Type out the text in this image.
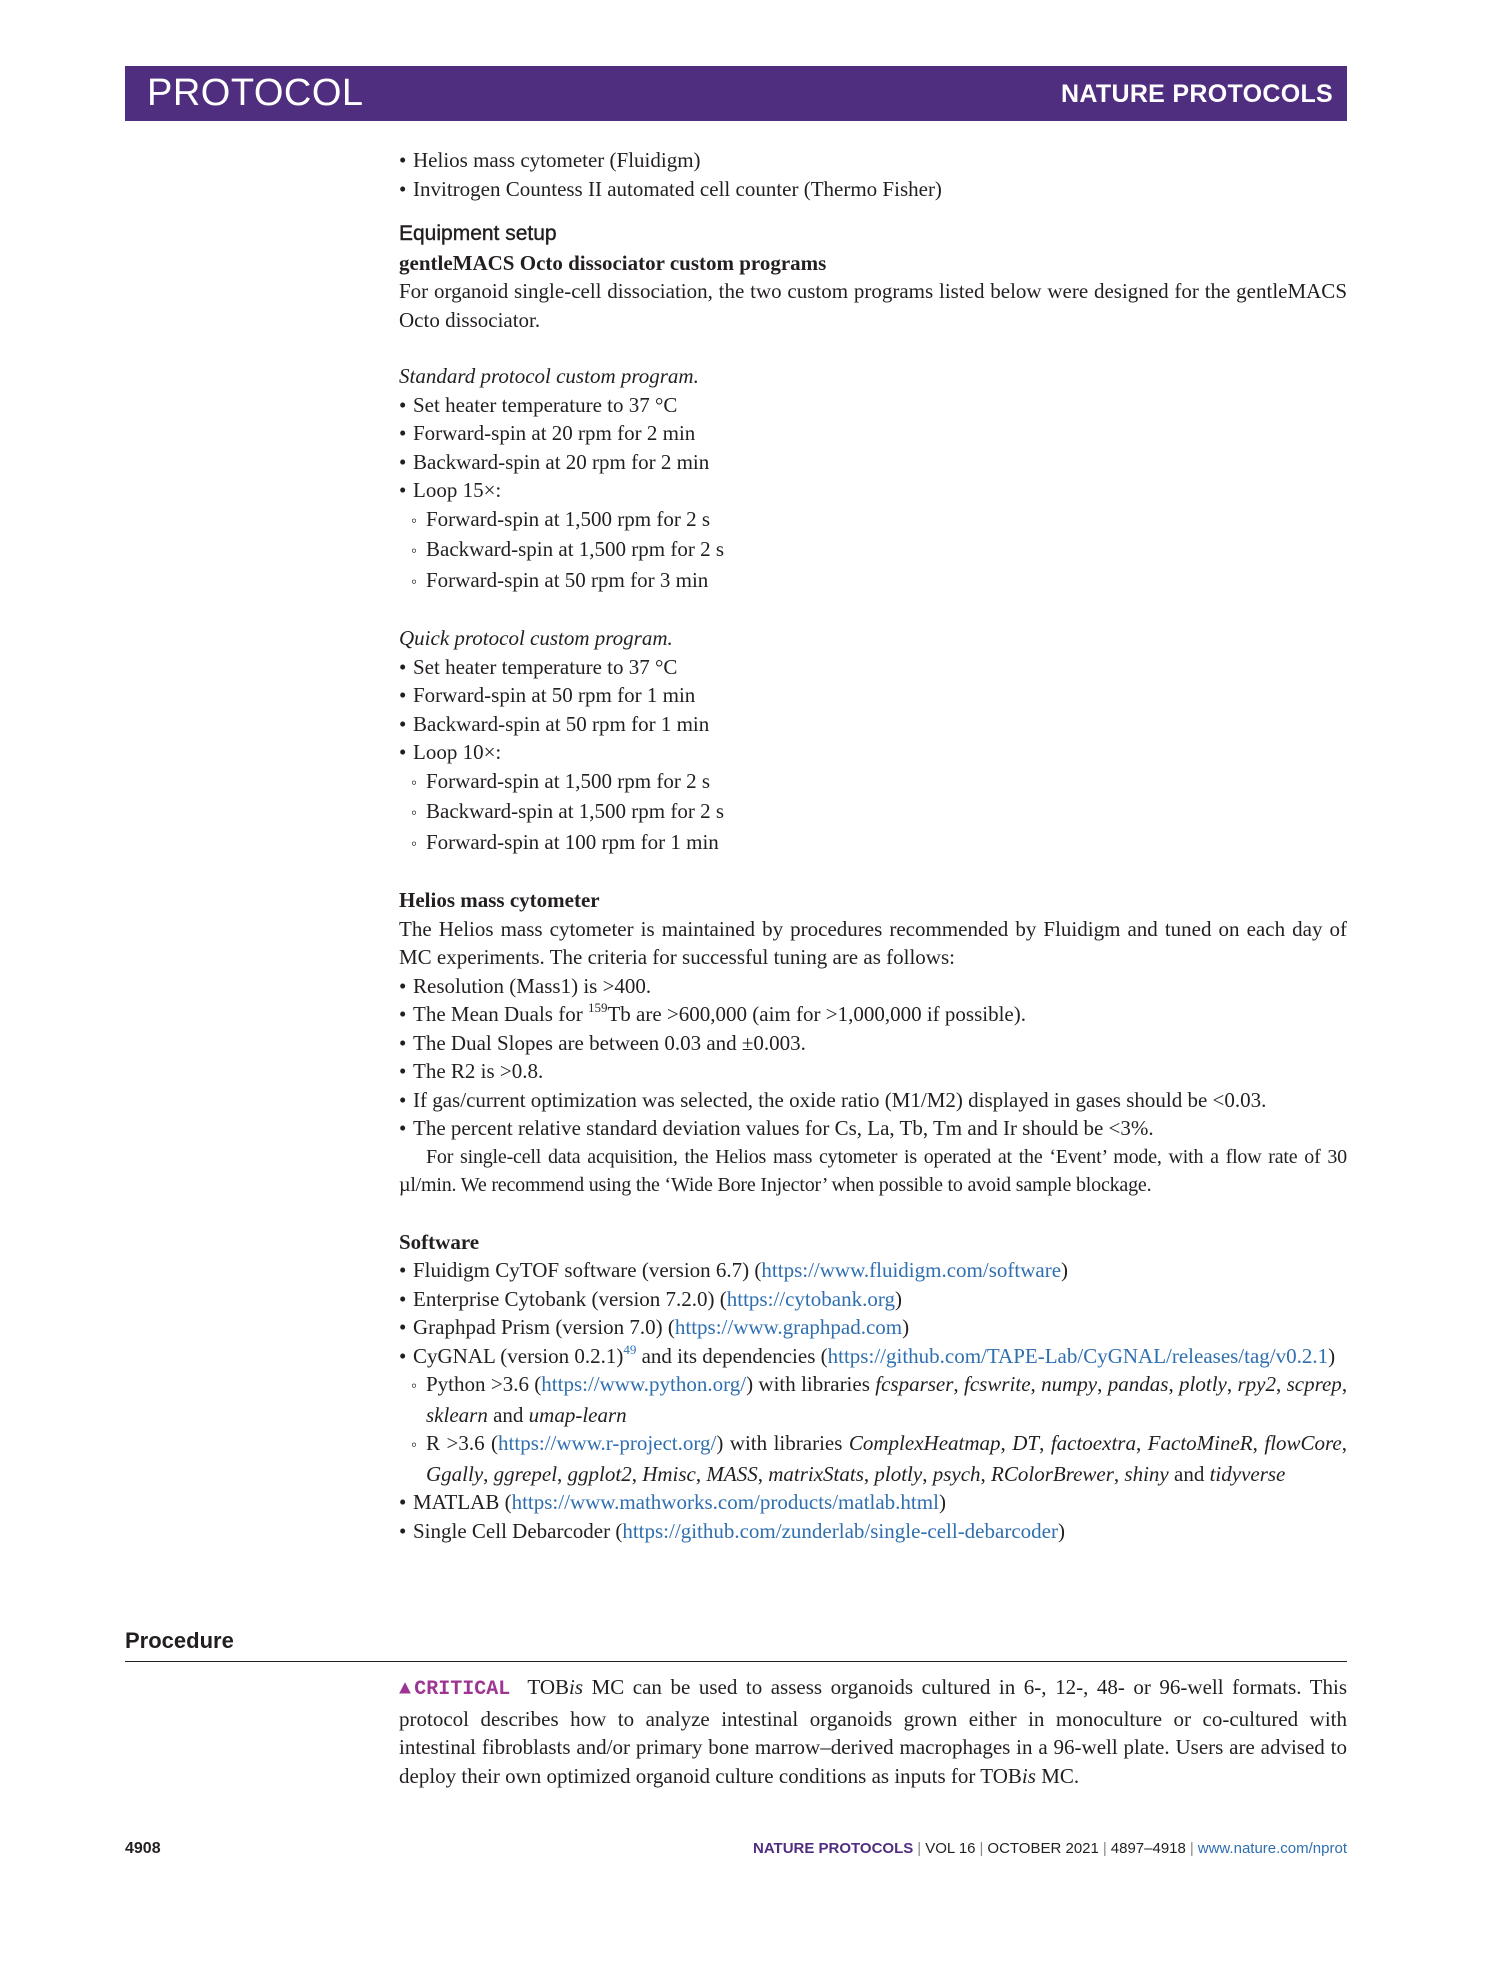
PROTOCOL	NATURE PROTOCOLS

• Helios mass cytometer (Fluidigm)

• Invitrogen Countess II automated cell counter (Thermo Fisher)

Equipment setup

gentleMACS Octo dissociator custom programs

For organoid single-cell dissociation, the two custom programs listed below were designed for the gentleMACS Octo dissociator.

Standard protocol custom program.

• Set heater temperature to 37 °C

• Forward-spin at 20 rpm for 2 min

• Backward-spin at 20 rpm for 2 min

• Loop 15×:

◦ Forward-spin at 1,500 rpm for 2 s

◦ Backward-spin at 1,500 rpm for 2 s

◦ Forward-spin at 50 rpm for 3 min

Quick protocol custom program.

• Set heater temperature to 37 °C

• Forward-spin at 50 rpm for 1 min

• Backward-spin at 50 rpm for 1 min

• Loop 10×:

◦ Forward-spin at 1,500 rpm for 2 s

◦ Backward-spin at 1,500 rpm for 2 s

◦ Forward-spin at 100 rpm for 1 min

Helios mass cytometer

The Helios mass cytometer is maintained by procedures recommended by Fluidigm and tuned on each day of MC experiments. The criteria for successful tuning are as follows:

• Resolution (Mass1) is >400.

• The Mean Duals for $^{159}$Tb are >600,000 (aim for >1,000,000 if possible).

• The Dual Slopes are between 0.03 and ±0.003.

• The R2 is >0.8.

• If gas/current optimization was selected, the oxide ratio (M1/M2) displayed in gases should be <0.03.

• The percent relative standard deviation values for Cs, La, Tb, Tm and Ir should be <3%.

For single-cell data acquisition, the Helios mass cytometer is operated at the ‘Event’ mode, with a flow rate of 30 µl/min. We recommend using the ‘Wide Bore Injector’ when possible to avoid sample blockage.

Software

• Fluidigm CyTOF software (version 6.7) (https://www.fluidigm.com/software)

• Enterprise Cytobank (version 7.2.0) (https://cytobank.org)

• Graphpad Prism (version 7.0) (https://www.graphpad.com)

• CyGNAL (version 0.2.1)$^{49}$ and its dependencies (https://github.com/TAPE-Lab/CyGNAL/releases/tag/v0.2.1)

◦ Python >3.6 (https://www.python.org/) with libraries fcsparser, fcswrite, numpy, pandas, plotly, rpy2, scprep, sklearn and umap-learn

◦ R >3.6 (https://www.r-project.org/) with libraries ComplexHeatmap, DT, factoextra, FactoMineR, flowCore, Ggally, ggrepel, ggplot2, Hmisc, MASS, matrixStats, plotly, psych, RColorBrewer, shiny and tidyverse

• MATLAB (https://www.mathworks.com/products/matlab.html)

• Single Cell Debarcoder (https://github.com/zunderlab/single-cell-debarcoder)

Procedure
▲CRITICAL TOBis MC can be used to assess organoids cultured in 6-, 12-, 48- or 96-well formats. This protocol describes how to analyze intestinal organoids grown either in monoculture or co-cultured with intestinal fibroblasts and/or primary bone marrow–derived macrophages in a 96-well plate. Users are advised to deploy their own optimized organoid culture conditions as inputs for TOBis MC.
4908	NATURE PROTOCOLS | VOL 16 | OCTOBER 2021 | 4897–4918 | www.nature.com/nprot
